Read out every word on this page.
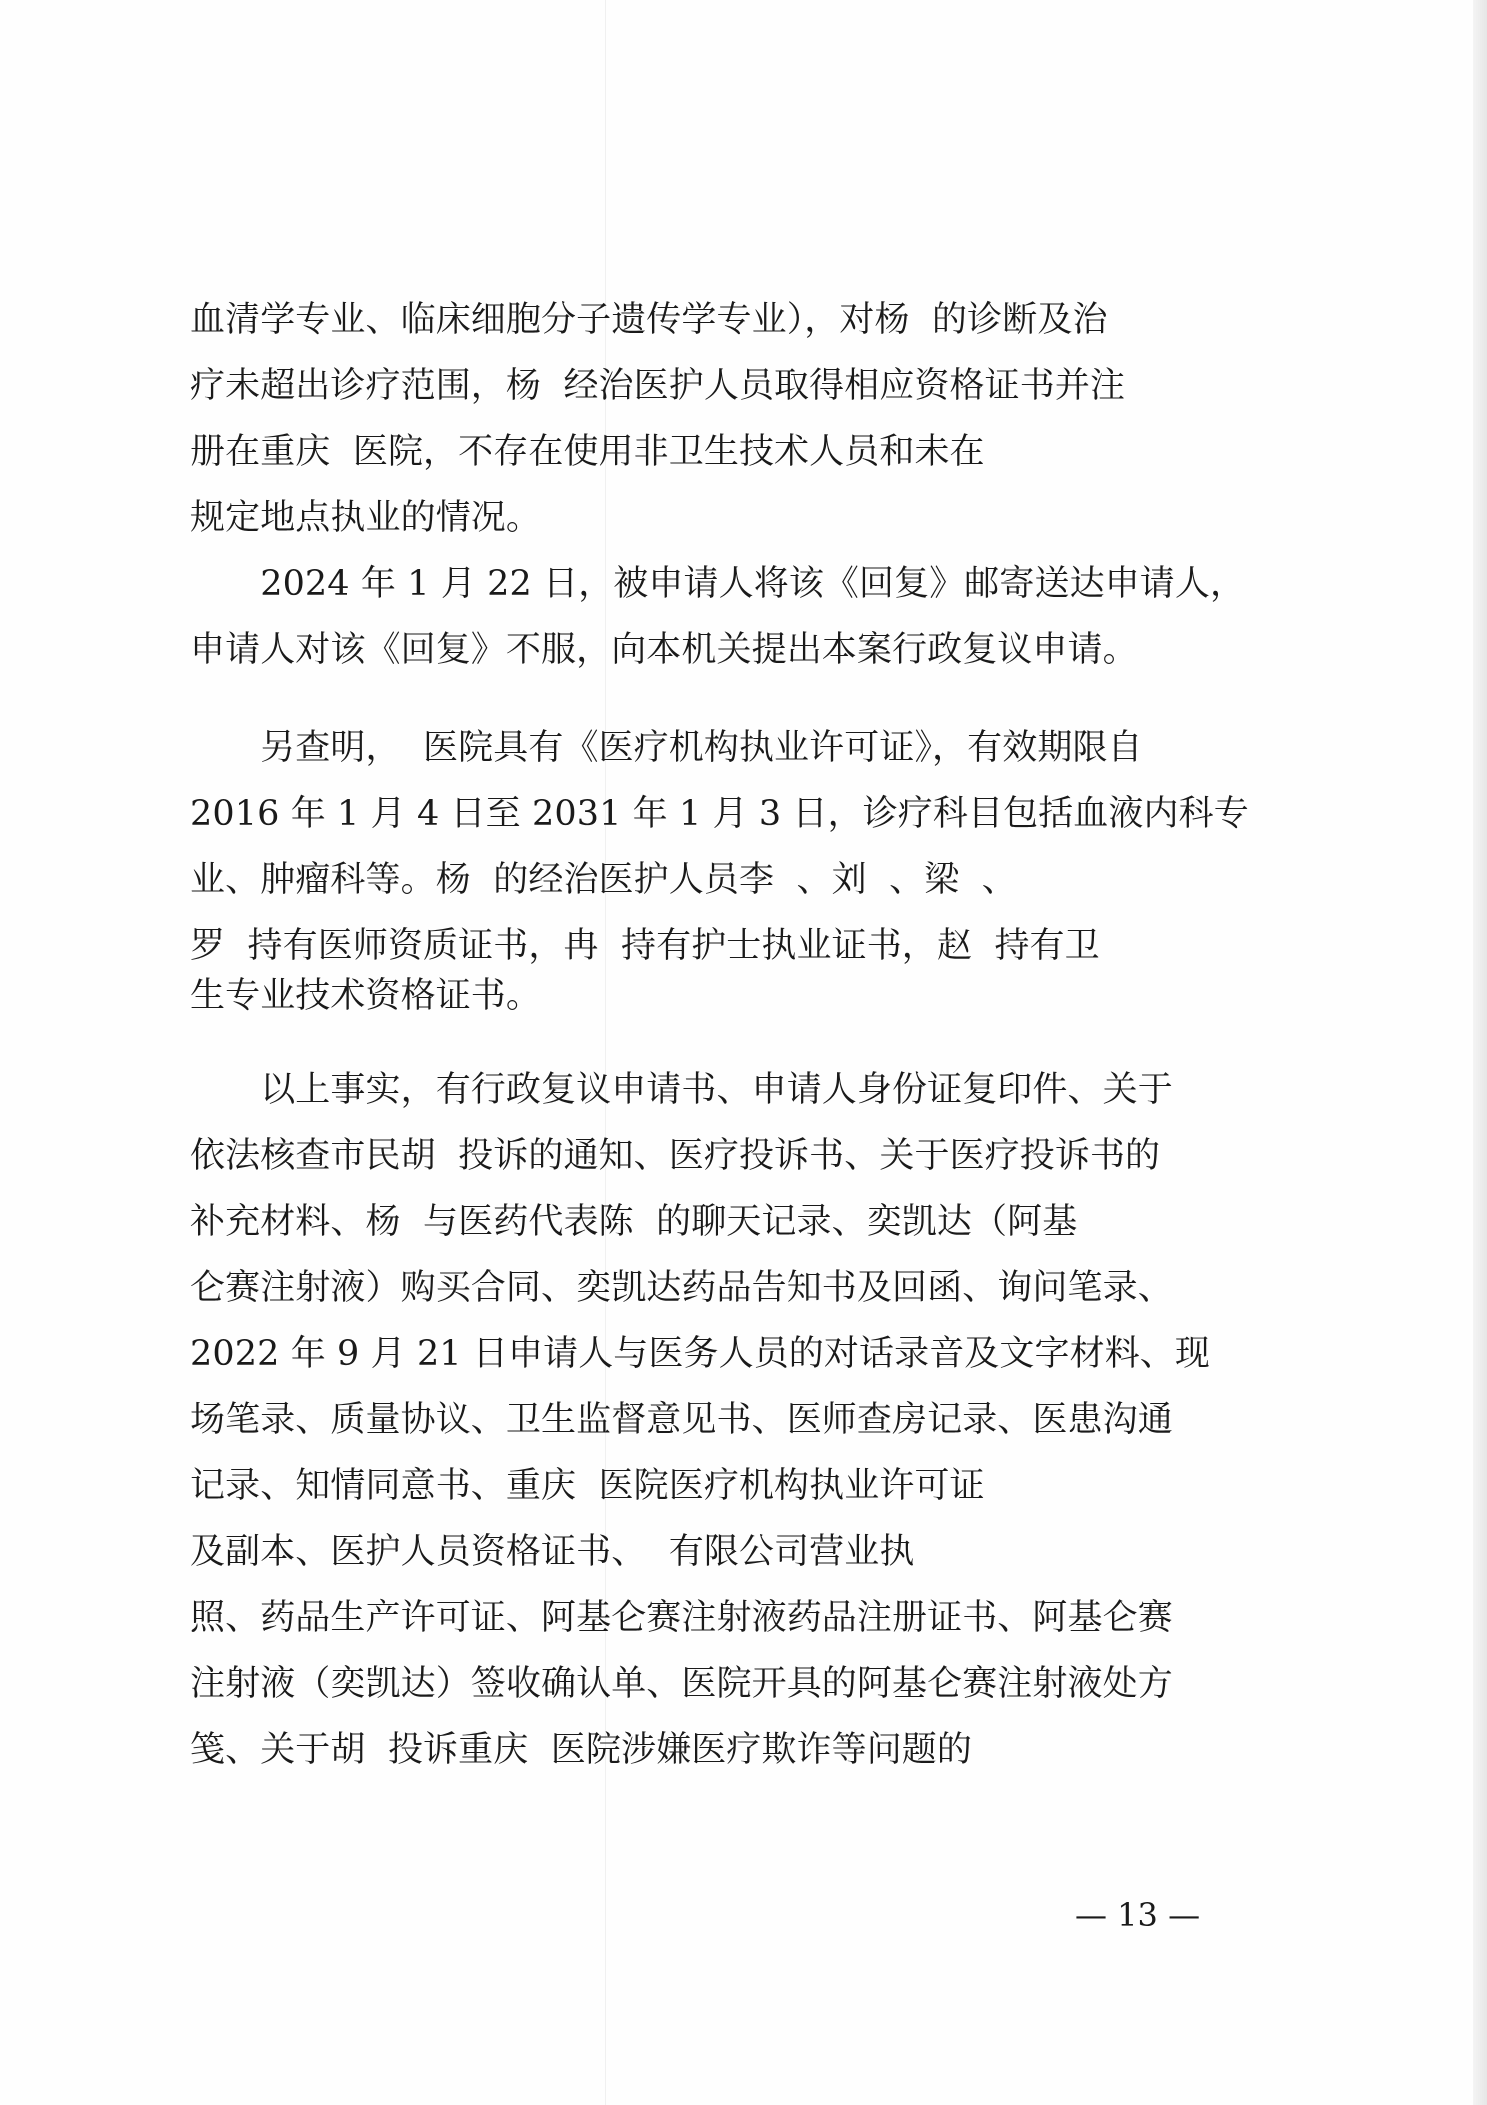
血清学专业、临床细胞分子遗传学专业），对杨  的诊断及治
疗未超出诊疗范围，杨  经治医护人员取得相应资格证书并注
册在重庆  医院，不存在使用非卫生技术人员和未在
规定地点执业的情况。
　　2024 年 1 月 22 日，被申请人将该《回复》邮寄送达申请人，
申请人对该《回复》不服，向本机关提出本案行政复议申请。
　　另查明，  医院具有《医疗机构执业许可证》，有效期限自
2016 年 1 月 4 日至 2031 年 1 月 3 日，诊疗科目包括血液内科专
业、肿瘤科等。杨  的经治医护人员李  、刘  、梁  、
罗  持有医师资质证书，冉  持有护士执业证书，赵  持有卫
生专业技术资格证书。
　　以上事实，有行政复议申请书、申请人身份证复印件、关于
依法核查市民胡  投诉的通知、医疗投诉书、关于医疗投诉书的
补充材料、杨  与医药代表陈  的聊天记录、奕凯达（阿基
仑赛注射液）购买合同、奕凯达药品告知书及回函、询问笔录、
2022 年 9 月 21 日申请人与医务人员的对话录音及文字材料、现
场笔录、质量协议、卫生监督意见书、医师查房记录、医患沟通
记录、知情同意书、重庆  医院医疗机构执业许可证
及副本、医护人员资格证书、  有限公司营业执
照、药品生产许可证、阿基仑赛注射液药品注册证书、阿基仑赛
注射液（奕凯达）签收确认单、医院开具的阿基仑赛注射液处方
笺、关于胡  投诉重庆  医院涉嫌医疗欺诈等问题的
— 13 —
